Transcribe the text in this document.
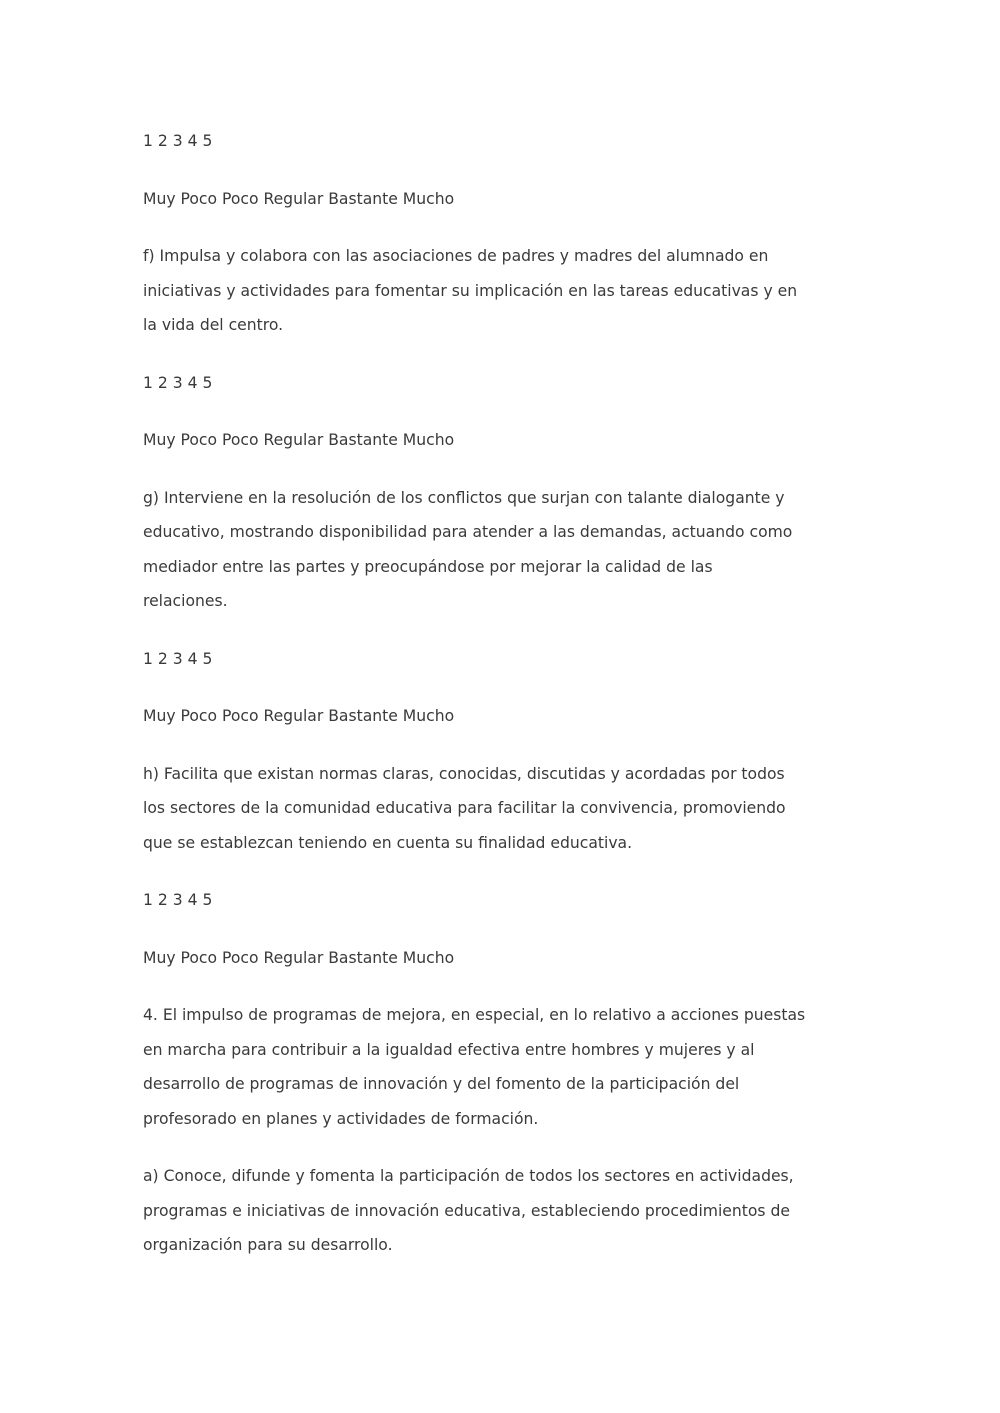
1 2 3 4 5

Muy Poco Poco Regular Bastante Mucho

f) Impulsa y colabora con las asociaciones de padres y madres del alumnado en
iniciativas y actividades para fomentar su implicación en las tareas educativas y en
la vida del centro.

1 2 3 4 5

Muy Poco Poco Regular Bastante Mucho

g) Interviene en la resolución de los conflictos que surjan con talante dialogante y
educativo, mostrando disponibilidad para atender a las demandas, actuando como
mediador entre las partes y preocupándose por mejorar la calidad de las
relaciones.

1 2 3 4 5

Muy Poco Poco Regular Bastante Mucho

h) Facilita que existan normas claras, conocidas, discutidas y acordadas por todos
los sectores de la comunidad educativa para facilitar la convivencia, promoviendo
que se establezcan teniendo en cuenta su finalidad educativa.

1 2 3 4 5

Muy Poco Poco Regular Bastante Mucho

4. El impulso de programas de mejora, en especial, en lo relativo a acciones puestas
en marcha para contribuir a la igualdad efectiva entre hombres y mujeres y al
desarrollo de programas de innovación y del fomento de la participación del
profesorado en planes y actividades de formación.

a) Conoce, difunde y fomenta la participación de todos los sectores en actividades,
programas e iniciativas de innovación educativa, estableciendo procedimientos de
organización para su desarrollo.
